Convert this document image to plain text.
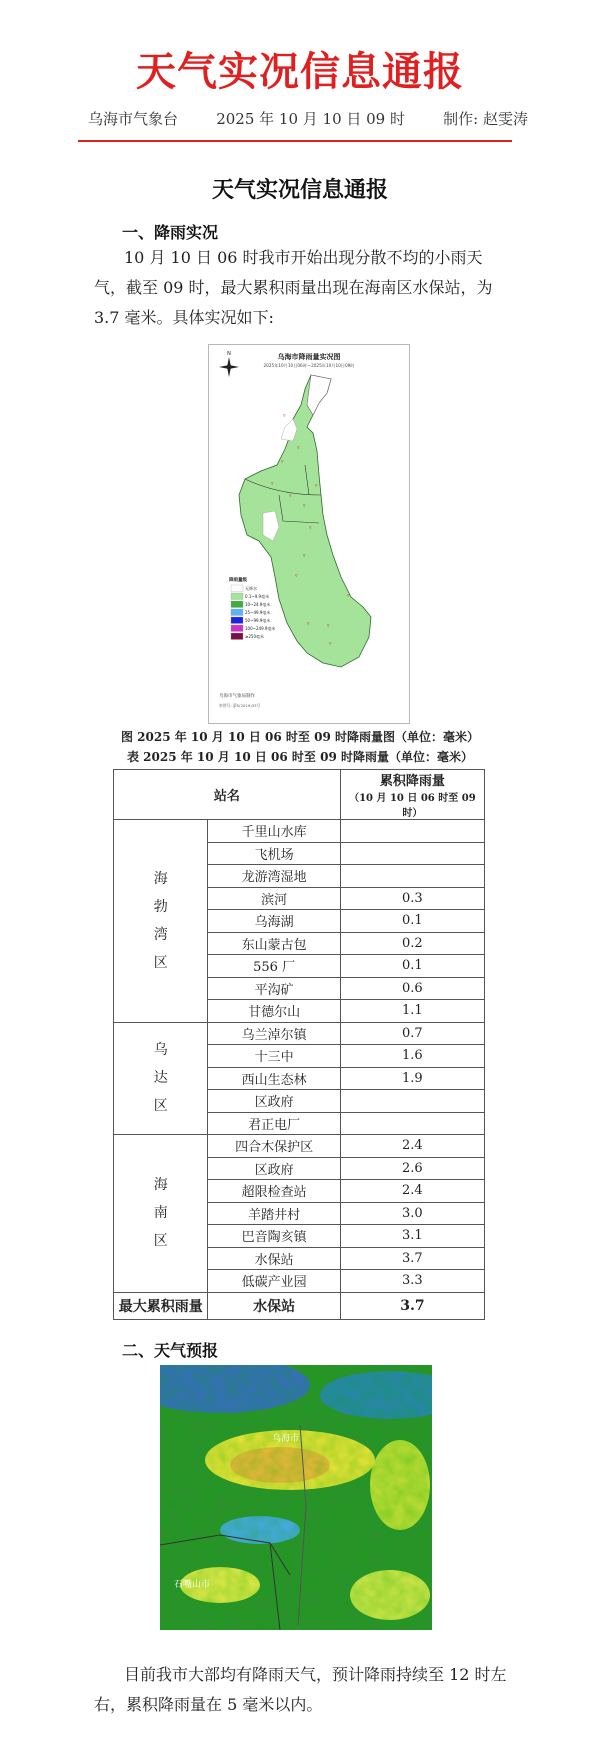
天气实况信息通报
乌海市气象台	2025 年 10 月 10 日 09 时	制作: 赵雯涛
天气实况信息通报
一、降雨实况
10 月 10 日 06 时我市开始出现分散不均的小雨天气，截至 09 时，最大累积雨量出现在海南区水保站，为 3.7 毫米。具体实况如下:
乌海市降雨量实况图
2025年10月10日06时—2025年10月10日09时
N
▿
▿
▿
▿
▿
▿
▿
▿
▿
▿
▿
▿
▿
▿
降雨量级
无降水
0.1~9.9毫米
10~24.9毫米
25~49.9毫米
50~99.9毫米
100~249.9毫米
≥250毫米
乌海市气象局制作
审图号: 蒙S(2019)33号
图 2025 年 10 月 10 日 06 时至 09 时降雨量图（单位：毫米）
表 2025 年 10 月 10 日 06 时至 09 时降雨量（单位：毫米）
站名		累积降雨量
（10 月 10 日 06 时至 09 时）

海
勃
湾
区	千里山水库	
	飞机场	
	龙游湾湿地	
	滨河	0.3
	乌海湖	0.1
	东山蒙古包	0.2
	556 厂	0.1
	平沟矿	0.6
	甘德尔山	1.1
乌
达
区	乌兰淖尔镇	0.7
	十三中	1.6
	西山生态林	1.9
	区政府	
	君正电厂	
海
南
区	四合木保护区	2.4
	区政府	2.6
	超限检查站	2.4
	羊踏井村	3.0
	巴音陶亥镇	3.1
	水保站	3.7
	低碳产业园	3.3
最大累积雨量	水保站	3.7
二、天气预报
乌海市
石嘴山市
目前我市大部均有降雨天气，预计降雨持续至 12 时左右，累积降雨量在 5 毫米以内。
